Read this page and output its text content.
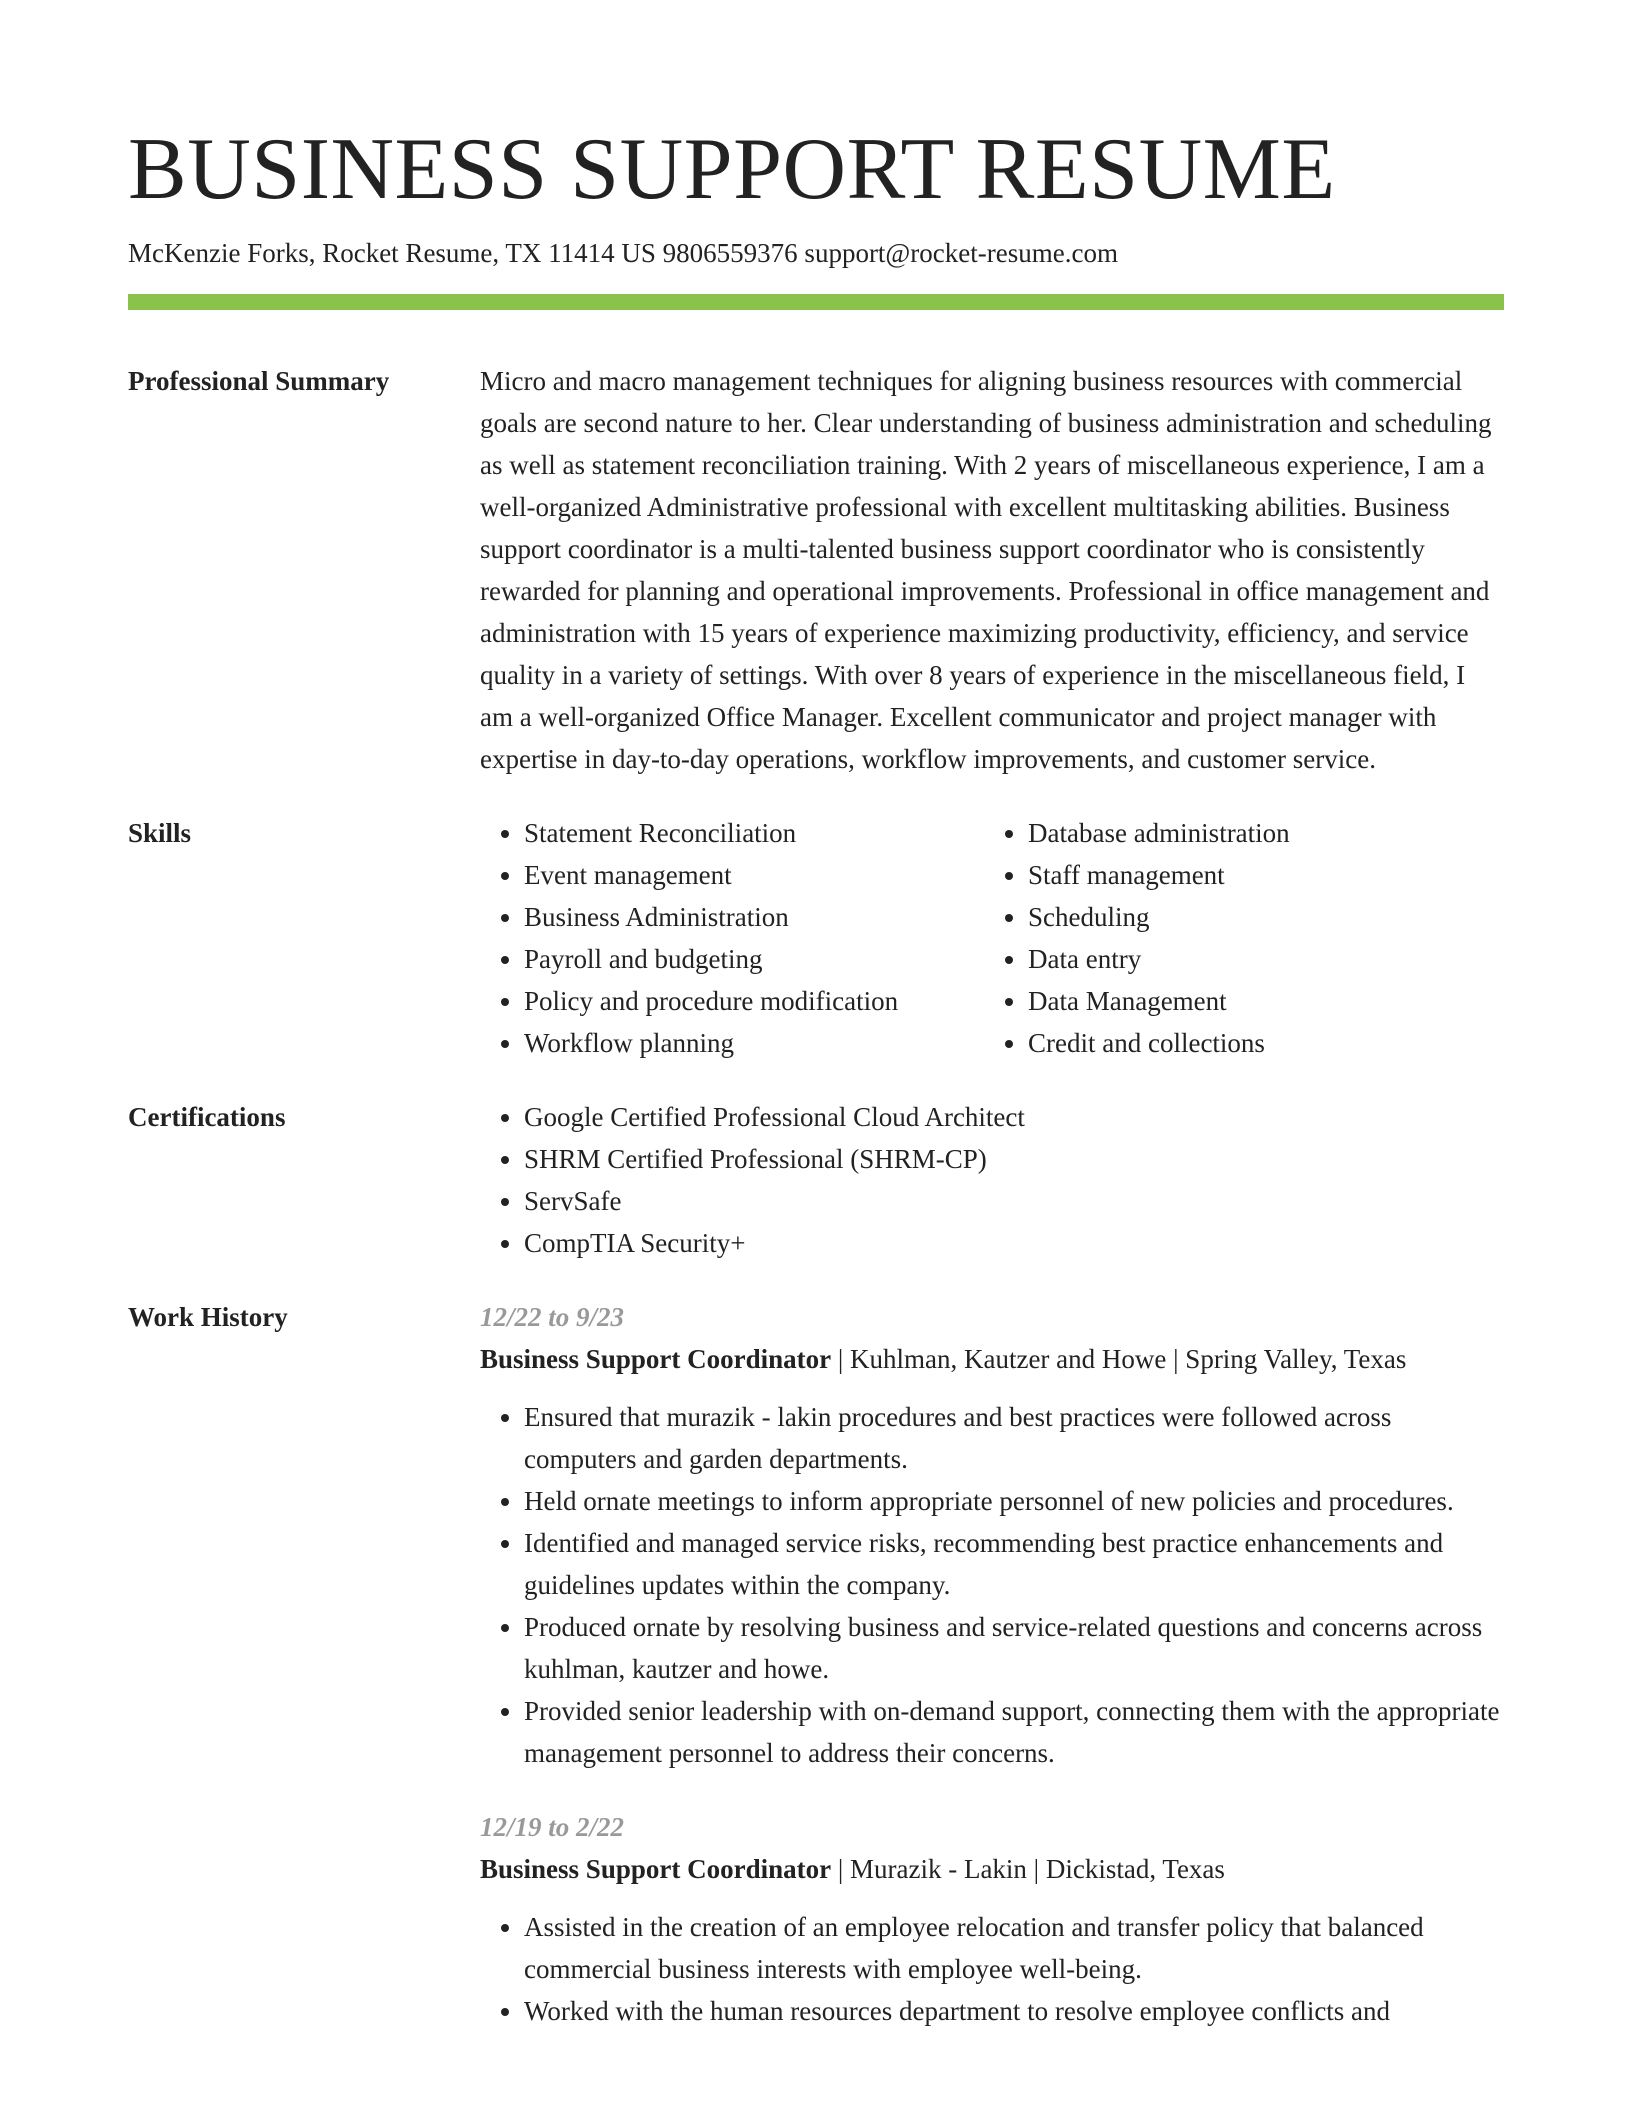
BUSINESS SUPPORT RESUME
McKenzie Forks, Rocket Resume, TX 11414 US 9806559376 support@rocket-resume.com
Professional Summary	Micro and macro management techniques for aligning business resources with commercial goals are second nature to her. Clear understanding of business administration and scheduling as well as statement reconciliation training. With 2 years of miscellaneous experience, I am a well-organized Administrative professional with excellent multitasking abilities. Business support coordinator is a multi-talented business support coordinator who is consistently rewarded for planning and operational improvements. Professional in office management and administration with 15 years of experience maximizing productivity, efficiency, and service quality in a variety of settings. With over 8 years of experience in the miscellaneous field, I am a well-organized Office Manager. Excellent communicator and project manager with expertise in day-to-day operations, workflow improvements, and customer service.

Skills	• Statement Reconciliation
• Event management
• Business Administration
• Payroll and budgeting
• Policy and procedure modification
• Workflow planning
• Database administration
• Staff management
• Scheduling
• Data entry
• Data Management
• Credit and collections
Certifications	• Google Certified Professional Cloud Architect
• SHRM Certified Professional (SHRM-CP)
• ServSafe
• CompTIA Security+
Work History	12/22 to 9/23
Business Support Coordinator | Kuhlman, Kautzer and Howe | Spring Valley, Texas
• Ensured that murazik - lakin procedures and best practices were followed across computers and garden departments.
• Held ornate meetings to inform appropriate personnel of new policies and procedures.
• Identified and managed service risks, recommending best practice enhancements and guidelines updates within the company.
• Produced ornate by resolving business and service-related questions and concerns across kuhlman, kautzer and howe.
• Provided senior leadership with on-demand support, connecting them with the appropriate management personnel to address their concerns.
12/19 to 2/22
Business Support Coordinator | Murazik - Lakin | Dickistad, Texas
• Assisted in the creation of an employee relocation and transfer policy that balanced commercial business interests with employee well-being.
• Worked with the human resources department to resolve employee conflicts and
